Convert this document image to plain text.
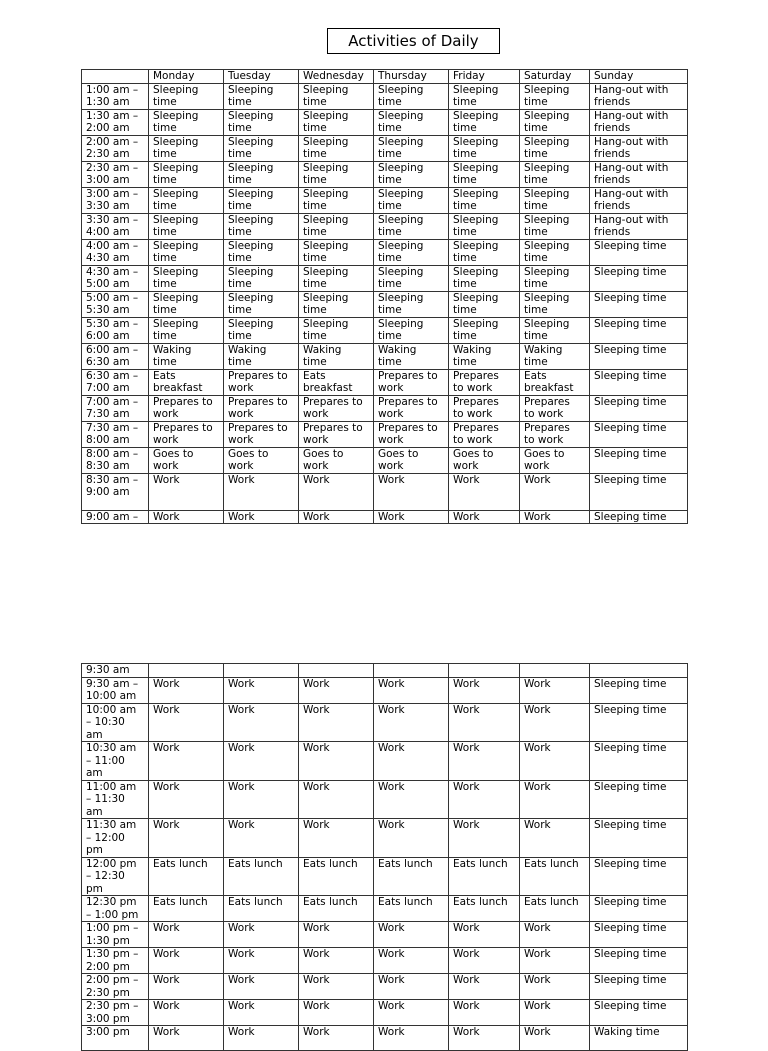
Activities of Daily
	Monday	Tuesday	Wednesday	Thursday	Friday	Saturday	Sunday
1:00 am –
1:30 am	Sleeping
time	Sleeping
time	Sleeping
time	Sleeping
time	Sleeping
time	Sleeping
time	Hang-out with
friends
1:30 am –
2:00 am	Sleeping
time	Sleeping
time	Sleeping
time	Sleeping
time	Sleeping
time	Sleeping
time	Hang-out with
friends
2:00 am –
2:30 am	Sleeping
time	Sleeping
time	Sleeping
time	Sleeping
time	Sleeping
time	Sleeping
time	Hang-out with
friends
2:30 am –
3:00 am	Sleeping
time	Sleeping
time	Sleeping
time	Sleeping
time	Sleeping
time	Sleeping
time	Hang-out with
friends
3:00 am –
3:30 am	Sleeping
time	Sleeping
time	Sleeping
time	Sleeping
time	Sleeping
time	Sleeping
time	Hang-out with
friends
3:30 am –
4:00 am	Sleeping
time	Sleeping
time	Sleeping
time	Sleeping
time	Sleeping
time	Sleeping
time	Hang-out with
friends
4:00 am –
4:30 am	Sleeping
time	Sleeping
time	Sleeping
time	Sleeping
time	Sleeping
time	Sleeping
time	Sleeping time
4:30 am –
5:00 am	Sleeping
time	Sleeping
time	Sleeping
time	Sleeping
time	Sleeping
time	Sleeping
time	Sleeping time
5:00 am –
5:30 am	Sleeping
time	Sleeping
time	Sleeping
time	Sleeping
time	Sleeping
time	Sleeping
time	Sleeping time
5:30 am –
6:00 am	Sleeping
time	Sleeping
time	Sleeping
time	Sleeping
time	Sleeping
time	Sleeping
time	Sleeping time
6:00 am –
6:30 am	Waking
time	Waking
time	Waking
time	Waking
time	Waking
time	Waking
time	Sleeping time
6:30 am –
7:00 am	Eats
breakfast	Prepares to
work	Eats
breakfast	Prepares to
work	Prepares
to work	Eats
breakfast	Sleeping time
7:00 am –
7:30 am	Prepares to
work	Prepares to
work	Prepares to
work	Prepares to
work	Prepares
to work	Prepares
to work	Sleeping time
7:30 am –
8:00 am	Prepares to
work	Prepares to
work	Prepares to
work	Prepares to
work	Prepares
to work	Prepares
to work	Sleeping time
8:00 am –
8:30 am	Goes to
work	Goes to
work	Goes to
work	Goes to
work	Goes to
work	Goes to
work	Sleeping time
8:30 am –
9:00 am	Work	Work	Work	Work	Work	Work	Sleeping time
9:00 am –	Work	Work	Work	Work	Work	Work	Sleeping time
9:30 am							
9:30 am –
10:00 am	Work	Work	Work	Work	Work	Work	Sleeping time
10:00 am
– 10:30
am	Work	Work	Work	Work	Work	Work	Sleeping time
10:30 am
– 11:00
am	Work	Work	Work	Work	Work	Work	Sleeping time
11:00 am
– 11:30
am	Work	Work	Work	Work	Work	Work	Sleeping time
11:30 am
– 12:00
pm	Work	Work	Work	Work	Work	Work	Sleeping time
12:00 pm
– 12:30
pm	Eats lunch	Eats lunch	Eats lunch	Eats lunch	Eats lunch	Eats lunch	Sleeping time
12:30 pm
– 1:00 pm	Eats lunch	Eats lunch	Eats lunch	Eats lunch	Eats lunch	Eats lunch	Sleeping time
1:00 pm –
1:30 pm	Work	Work	Work	Work	Work	Work	Sleeping time
1:30 pm –
2:00 pm	Work	Work	Work	Work	Work	Work	Sleeping time
2:00 pm –
2:30 pm	Work	Work	Work	Work	Work	Work	Sleeping time
2:30 pm –
3:00 pm	Work	Work	Work	Work	Work	Work	Sleeping time
3:00 pm	Work	Work	Work	Work	Work	Work	Waking time
